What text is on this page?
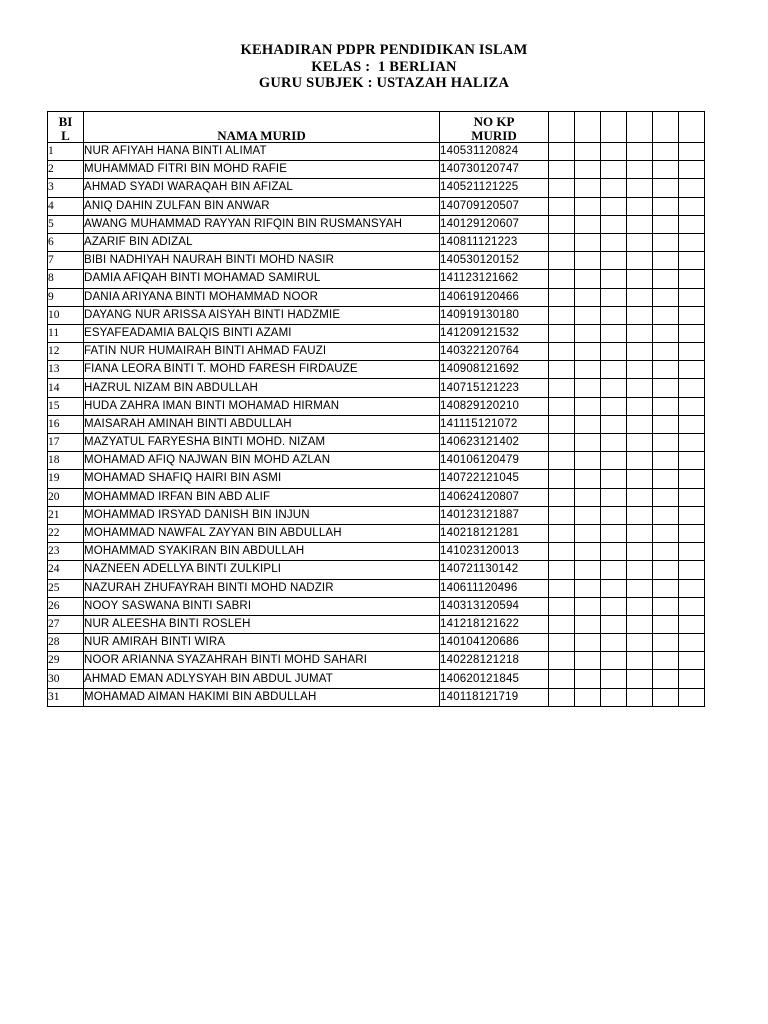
KEHADIRAN PDPR PENDIDIKAN ISLAM
KELAS :  1 BERLIAN
GURU SUBJEK : USTAZAH HALIZA
BI
L	NAMA MURID	NO KP
MURID						
1	NUR AFIYAH HANA BINTI ALIMAT	140531120824						
2	MUHAMMAD FITRI BIN MOHD RAFIE	140730120747						
3	AHMAD SYADI WARAQAH BIN AFIZAL	140521121225						
4	ANIQ DAHIN ZULFAN BIN ANWAR	140709120507						
5	AWANG MUHAMMAD RAYYAN RIFQIN BIN RUSMANSYAH	140129120607						
6	AZARIF BIN ADIZAL	140811121223						
7	BIBI NADHIYAH NAURAH BINTI MOHD NASIR	140530120152						
8	DAMIA AFIQAH BINTI MOHAMAD SAMIRUL	141123121662						
9	DANIA ARIYANA BINTI MOHAMMAD NOOR	140619120466						
10	DAYANG NUR ARISSA AISYAH BINTI HADZMIE	140919130180						
11	ESYAFEADAMIA BALQIS BINTI AZAMI	141209121532						
12	FATIN NUR HUMAIRAH BINTI AHMAD FAUZI	140322120764						
13	FIANA LEORA BINTI T. MOHD FARESH FIRDAUZE	140908121692						
14	HAZRUL NIZAM BIN ABDULLAH	140715121223						
15	HUDA ZAHRA IMAN BINTI MOHAMAD HIRMAN	140829120210						
16	MAISARAH AMINAH BINTI ABDULLAH	141115121072						
17	MAZYATUL FARYESHA BINTI MOHD. NIZAM	140623121402						
18	MOHAMAD AFIQ NAJWAN BIN MOHD AZLAN	140106120479						
19	MOHAMAD SHAFIQ HAIRI BIN ASMI	140722121045						
20	MOHAMMAD IRFAN BIN ABD ALIF	140624120807						
21	MOHAMMAD IRSYAD DANISH BIN INJUN	140123121887						
22	MOHAMMAD NAWFAL ZAYYAN BIN ABDULLAH	140218121281						
23	MOHAMMAD SYAKIRAN BIN ABDULLAH	141023120013						
24	NAZNEEN ADELLYA BINTI ZULKIPLI	140721130142						
25	NAZURAH ZHUFAYRAH BINTI MOHD NADZIR	140611120496						
26	NOOY SASWANA BINTI SABRI	140313120594						
27	NUR ALEESHA BINTI ROSLEH	141218121622						
28	NUR AMIRAH BINTI WIRA	140104120686						
29	NOOR ARIANNA SYAZAHRAH BINTI MOHD SAHARI	140228121218						
30	AHMAD EMAN ADLYSYAH BIN ABDUL JUMAT	140620121845						
31	MOHAMAD AIMAN HAKIMI BIN ABDULLAH	140118121719						
